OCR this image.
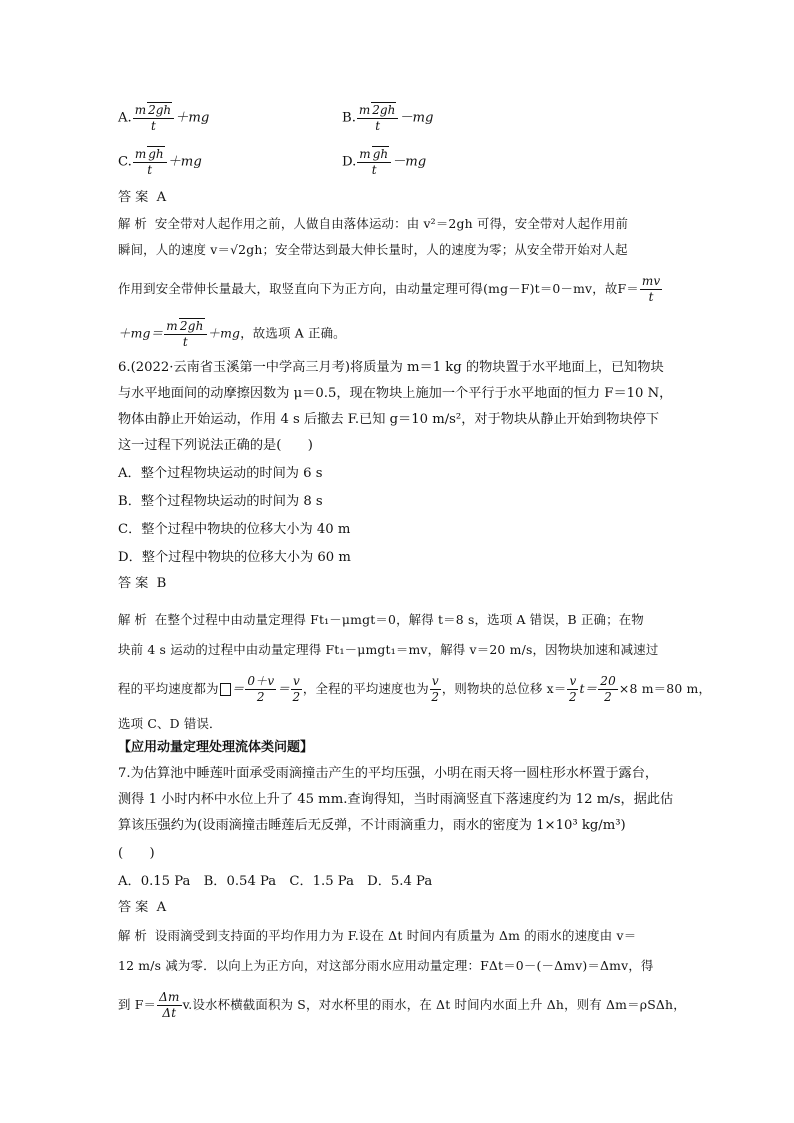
A. $\frac{m 2gh}{t} +mg$	B. $\frac{m 2gh}{t} -mg$
C. $\frac{\text{m gh}}{t} +mg$	D. $\frac{\text{m gh}}{t} -mg$
答案 A
解析 安全带对人起作用之前，人做自由落体运动：由 v²＝2gh 可得，安全带对人起作用前
瞬间，人的速度 v＝√2gh；安全带达到最大伸长量时，人的速度为零；从安全带开始对人起
作用到安全带伸长量最大，取竖直向下为正方向，由动量定理可得(mg－F)t＝0－mv，故$F= \frac{mv}{t}$
$+mg= \frac{m 2gh}{t} +mg$，故选项 A 正确。
6.(2022·云南省玉溪第一中学高三月考)将质量为 m＝1 kg 的物块置于水平地面上，已知物块
与水平地面间的动摩擦因数为 μ＝0.5，现在物块上施加一个平行于水平地面的恒力 F＝10 N，
物体由静止开始运动，作用 4 s 后撤去 F.已知 g＝10 m/s²，对于物块从静止开始到物块停下
这一过程下列说法正确的是(　　)
A．整个过程物块运动的时间为 6 s
B．整个过程物块运动的时间为 8 s
C．整个过程中物块的位移大小为 40 m
D．整个过程中物块的位移大小为 60 m
答案 B
解析 在整个过程中由动量定理得 Ft₁－μmgt＝0，解得 t＝8 s，选项 A 错误，B 正确；在物
块前 4 s 运动的过程中由动量定理得 Ft₁－μmgt₁＝mv，解得 v＝20 m/s，因物块加速和减速过
程的平均速度都为 ＝ $\frac{0+v}{2} = \frac{v}{2}$ ，全程的平均速度也为 $\frac{v}{2}$ ，则物块的总位移 $x= \frac{v}{2} t= \frac{20}{2} \times 8$ m＝80 m，
选项 C、D 错误．
【应用动量定理处理流体类问题】
7.为估算池中睡莲叶面承受雨滴撞击产生的平均压强，小明在雨天将一圆柱形水杯置于露台，
测得 1 小时内杯中水位上升了 45 mm.查询得知，当时雨滴竖直下落速度约为 12 m/s，据此估
算该压强约为(设雨滴撞击睡莲后无反弹，不计雨滴重力，雨水的密度为 1×10³ kg/m³)
(　　)
A．0.15 Pa　B．0.54 Pa　C．1.5 Pa　D．5.4 Pa
答案 A
解析 设雨滴受到支持面的平均作用力为 F.设在 Δt 时间内有质量为 Δm 的雨水的速度由 v＝
12 m/s 减为零．以向上为正方向，对这部分雨水应用动量定理：FΔt＝0－(－Δmv)＝Δmv，得
到 $F= \frac{\Delta m}{\Delta t} v$.设水杯横截面积为 S，对水杯里的雨水，在 Δt 时间内水面上升 Δh，则有 Δm＝ρSΔh，
